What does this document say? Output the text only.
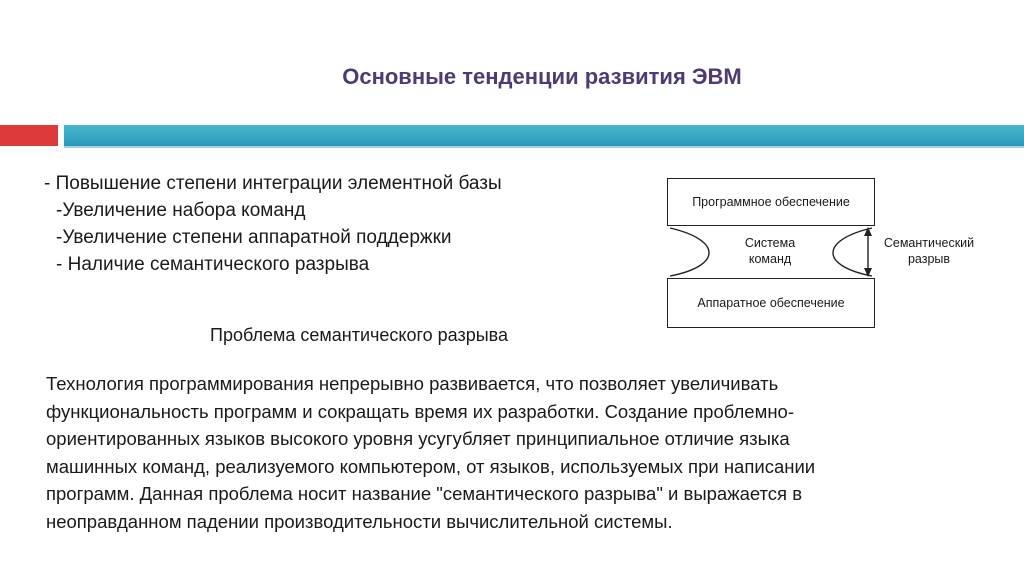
Основные тенденции развития ЭВМ
- Повышение степени интеграции элементной базы
-Увеличение набора команд
-Увеличение степени аппаратной поддержки
- Наличие семантического разрыва
Программное обеспечение
Аппаратное обеспечение
Система
команд
Семантический
разрыв
Проблема семантического разрыва
Технология программирования непрерывно развивается, что позволяет увеличивать
функциональность программ и сокращать время их разработки. Создание проблемно-
ориентированных языков высокого уровня усугубляет принципиальное отличие языка
машинных команд, реализуемого компьютером, от языков, используемых при написании
программ. Данная проблема носит название "семантического разрыва" и выражается в
неоправданном падении производительности вычислительной системы.
